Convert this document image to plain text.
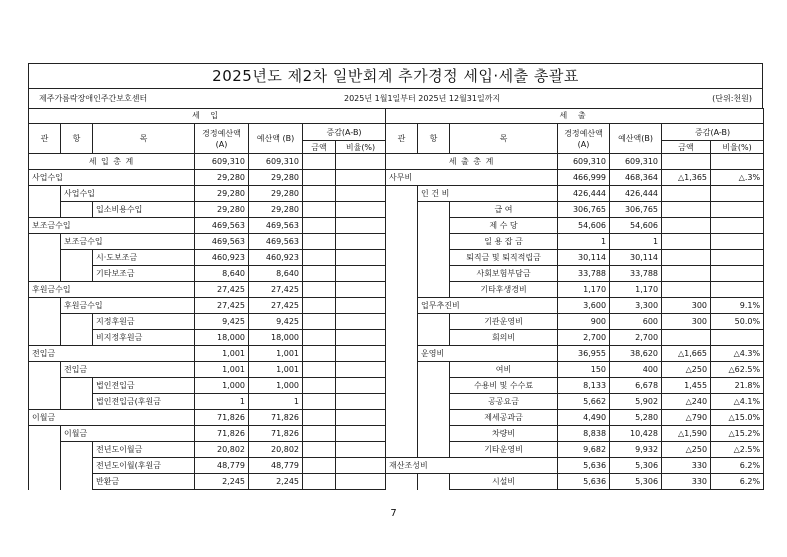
2025년도 제2차 일반회계 추가경정 세입·세출 총괄표
제주가름락장애인주간보호센터	2025년 1월1일부터 2025년 12월31일까지	(단위:천원)
세 입							세 출						
관	항	목	경정예산액
(A)	예산액 (B)	증감(A-B)		관	항	목	경정예산액
(A)	예산액(B)	증감(A-B)	
					금액	비율(%)						금액	비율(%)
세 입 총 계			609,310	609,310			세 출 총 계			609,310	609,310		
사업수입			29,280	29,280			사무비			466,999	468,364	△1,365	△.3%
	사업수입		29,280	29,280				인 건 비		426,444	426,444		
		입소비용수입	29,280	29,280					급 여	306,765	306,765		
보조금수입			469,563	469,563					제 수 당	54,606	54,606		
	보조금수입		469,563	469,563					일 용 잡 금	1	1		
		시·도보조금	460,923	460,923					퇴직금 및 퇴직적립금	30,114	30,114		
		기타보조금	8,640	8,640					사회보험부담금	33,788	33,788		
후원금수입			27,425	27,425					기타후생경비	1,170	1,170		
	후원금수입		27,425	27,425				업무추진비		3,600	3,300	300	9.1%
		지정후원금	9,425	9,425					기관운영비	900	600	300	50.0%
		비지정후원금	18,000	18,000					회의비	2,700	2,700		
전입금			1,001	1,001				운영비		36,955	38,620	△1,665	△4.3%
	전입금		1,001	1,001					여비	150	400	△250	△62.5%
		법인전입금	1,000	1,000					수용비 및 수수료	8,133	6,678	1,455	21.8%
		법인전입금(후원금	1	1					공공요금	5,662	5,902	△240	△4.1%
이월금			71,826	71,826					제세공과금	4,490	5,280	△790	△15.0%
	이월금		71,826	71,826					차량비	8,838	10,428	△1,590	△15.2%
		전년도이월금	20,802	20,802					기타운영비	9,682	9,932	△250	△2.5%
		전년도이월(후원금	48,779	48,779			재산조성비			5,636	5,306	330	6.2%
		반환금	2,245	2,245					시설비	5,636	5,306	330	6.2%
7
